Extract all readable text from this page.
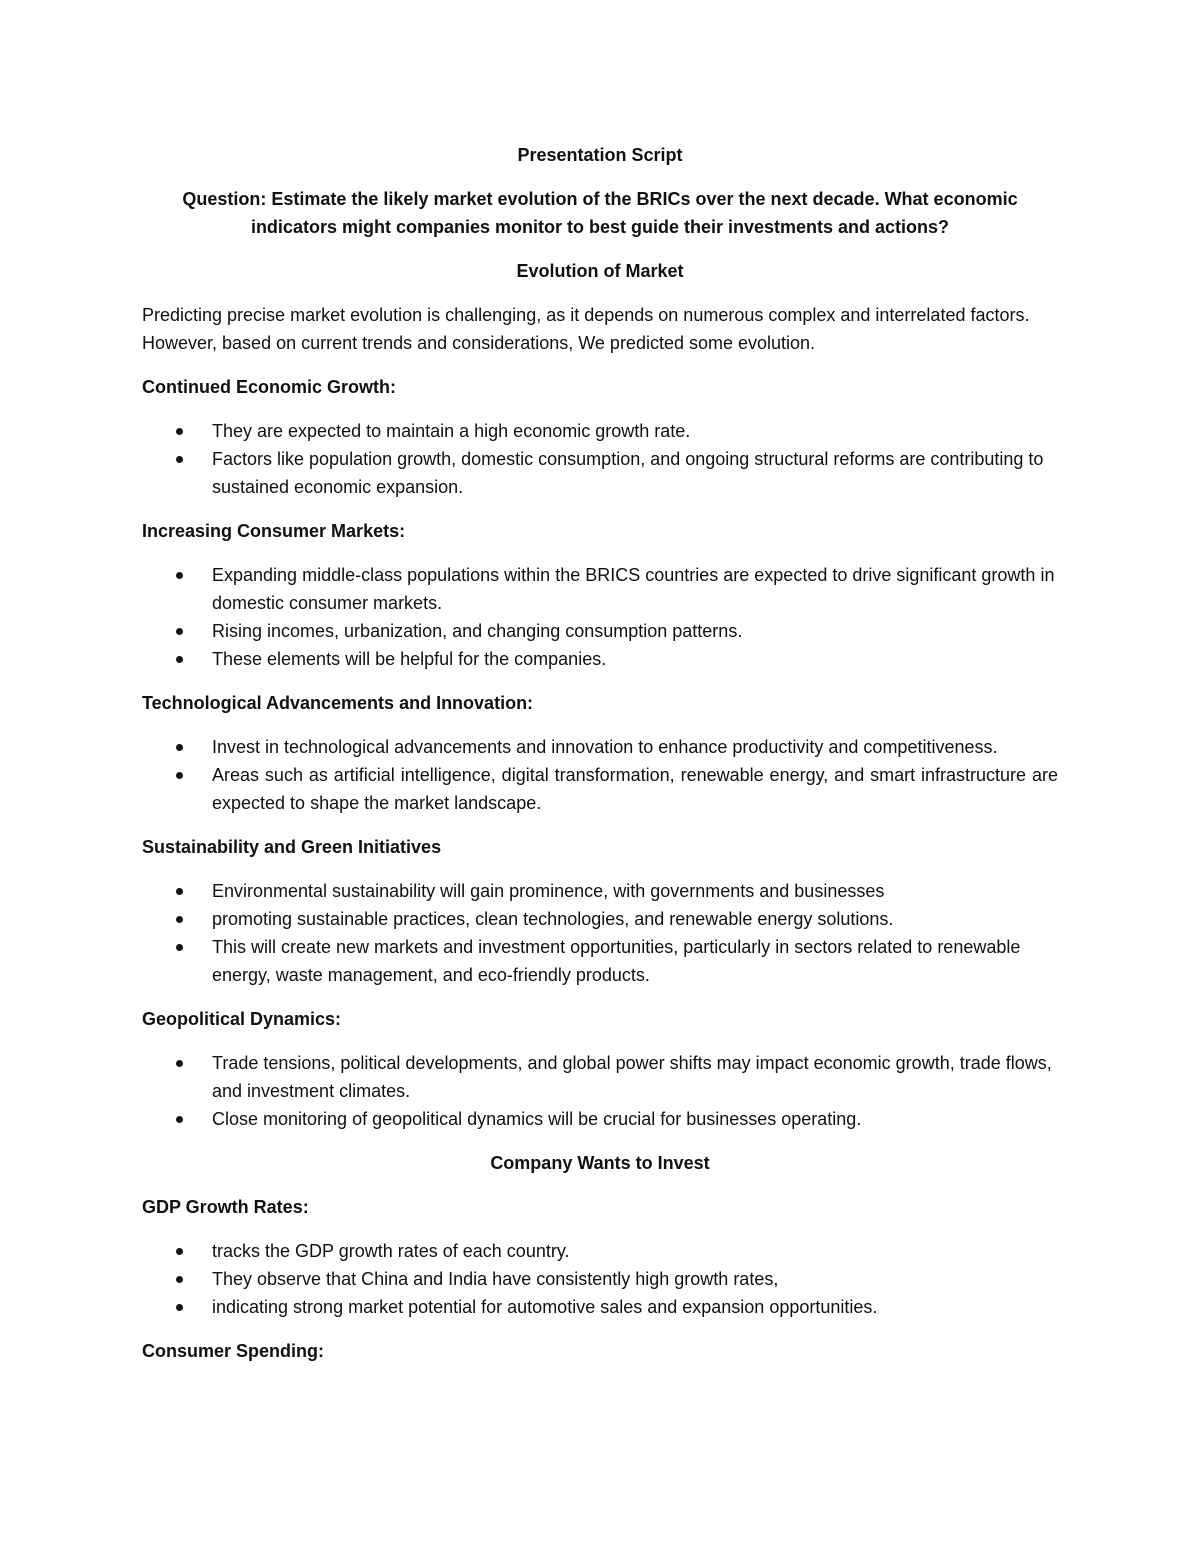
Presentation Script
Question: Estimate the likely market evolution of the BRICs over the next decade. What economic indicators might companies monitor to best guide their investments and actions?
Evolution of Market
Predicting precise market evolution is challenging, as it depends on numerous complex and interrelated factors. However, based on current trends and considerations, We predicted some evolution.
Continued Economic Growth:
They are expected to maintain a high economic growth rate.
Factors like population growth, domestic consumption, and ongoing structural reforms are contributing to sustained economic expansion.
Increasing Consumer Markets:
Expanding middle-class populations within the BRICS countries are expected to drive significant growth in domestic consumer markets.
Rising incomes, urbanization, and changing consumption patterns.
These elements will be helpful for the companies.
Technological Advancements and Innovation:
Invest in technological advancements and innovation to enhance productivity and competitiveness.
Areas such as artificial intelligence, digital transformation, renewable energy, and smart infrastructure are expected to shape the market landscape.
Sustainability and Green Initiatives
Environmental sustainability will gain prominence, with governments and businesses
promoting sustainable practices, clean technologies, and renewable energy solutions.
This will create new markets and investment opportunities, particularly in sectors related to renewable energy, waste management, and eco-friendly products.
Geopolitical Dynamics:
Trade tensions, political developments, and global power shifts may impact economic growth, trade flows, and investment climates.
Close monitoring of geopolitical dynamics will be crucial for businesses operating.
Company Wants to Invest
GDP Growth Rates:
tracks the GDP growth rates of each country.
They observe that China and India have consistently high growth rates,
indicating strong market potential for automotive sales and expansion opportunities.
Consumer Spending:
